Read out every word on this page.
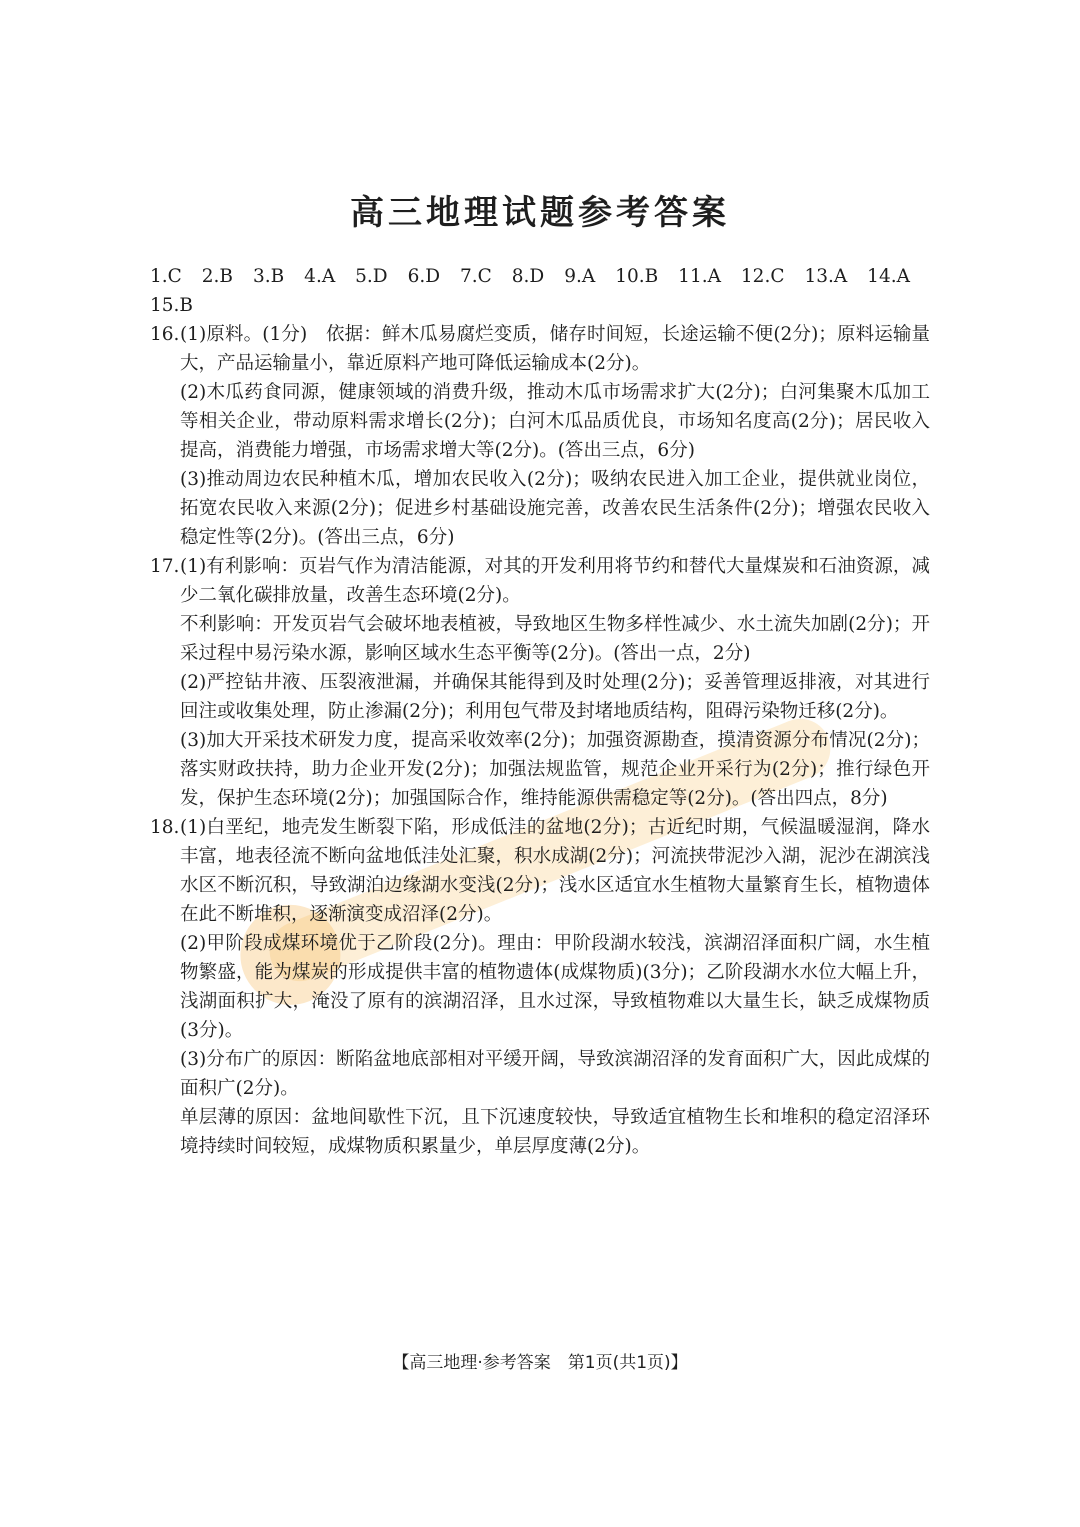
高三地理试题参考答案
1.C 2.B 3.B 4.A 5.D 6.D 7.C 8.D 9.A 10.B 11.A 12.C 13.A 14.A
15.B
16. (1)原料。(1分)　依据：鲜木瓜易腐烂变质，储存时间短，长途运输不便(2分)；原料运输量大，产品运输量小，靠近原料产地可降低运输成本(2分)。

(2)木瓜药食同源，健康领域的消费升级，推动木瓜市场需求扩大(2分)；白河集聚木瓜加工等相关企业，带动原料需求增长(2分)；白河木瓜品质优良，市场知名度高(2分)；居民收入提高，消费能力增强，市场需求增大等(2分)。(答出三点，6分)

(3)推动周边农民种植木瓜，增加农民收入(2分)；吸纳农民进入加工企业，提供就业岗位，拓宽农民收入来源(2分)；促进乡村基础设施完善，改善农民生活条件(2分)；增强农民收入稳定性等(2分)。(答出三点，6分)

17. (1)有利影响：页岩气作为清洁能源，对其的开发利用将节约和替代大量煤炭和石油资源，减少二氧化碳排放量，改善生态环境(2分)。

不利影响：开发页岩气会破坏地表植被，导致地区生物多样性减少、水土流失加剧(2分)；开采过程中易污染水源，影响区域水生态平衡等(2分)。(答出一点，2分)

(2)严控钻井液、压裂液泄漏，并确保其能得到及时处理(2分)；妥善管理返排液，对其进行回注或收集处理，防止渗漏(2分)；利用包气带及封堵地质结构，阻碍污染物迁移(2分)。

(3)加大开采技术研发力度，提高采收效率(2分)；加强资源勘查，摸清资源分布情况(2分)；落实财政扶持，助力企业开发(2分)；加强法规监管，规范企业开采行为(2分)；推行绿色开发，保护生态环境(2分)；加强国际合作，维持能源供需稳定等(2分)。(答出四点，8分)

18. (1)白垩纪，地壳发生断裂下陷，形成低洼的盆地(2分)；古近纪时期，气候温暖湿润，降水丰富，地表径流不断向盆地低洼处汇聚，积水成湖(2分)；河流挟带泥沙入湖，泥沙在湖滨浅水区不断沉积，导致湖泊边缘湖水变浅(2分)；浅水区适宜水生植物大量繁育生长，植物遗体在此不断堆积，逐渐演变成沼泽(2分)。

(2)甲阶段成煤环境优于乙阶段(2分)。理由：甲阶段湖水较浅，滨湖沼泽面积广阔，水生植物繁盛，能为煤炭的形成提供丰富的植物遗体(成煤物质)(3分)；乙阶段湖水水位大幅上升，浅湖面积扩大，淹没了原有的滨湖沼泽，且水过深，导致植物难以大量生长，缺乏成煤物质(3分)。

(3)分布广的原因：断陷盆地底部相对平缓开阔，导致滨湖沼泽的发育面积广大，因此成煤的面积广(2分)。

单层薄的原因：盆地间歇性下沉，且下沉速度较快，导致适宜植物生长和堆积的稳定沼泽环境持续时间较短，成煤物质积累量少，单层厚度薄(2分)。

【高三地理·参考答案　第1页(共1页)】
